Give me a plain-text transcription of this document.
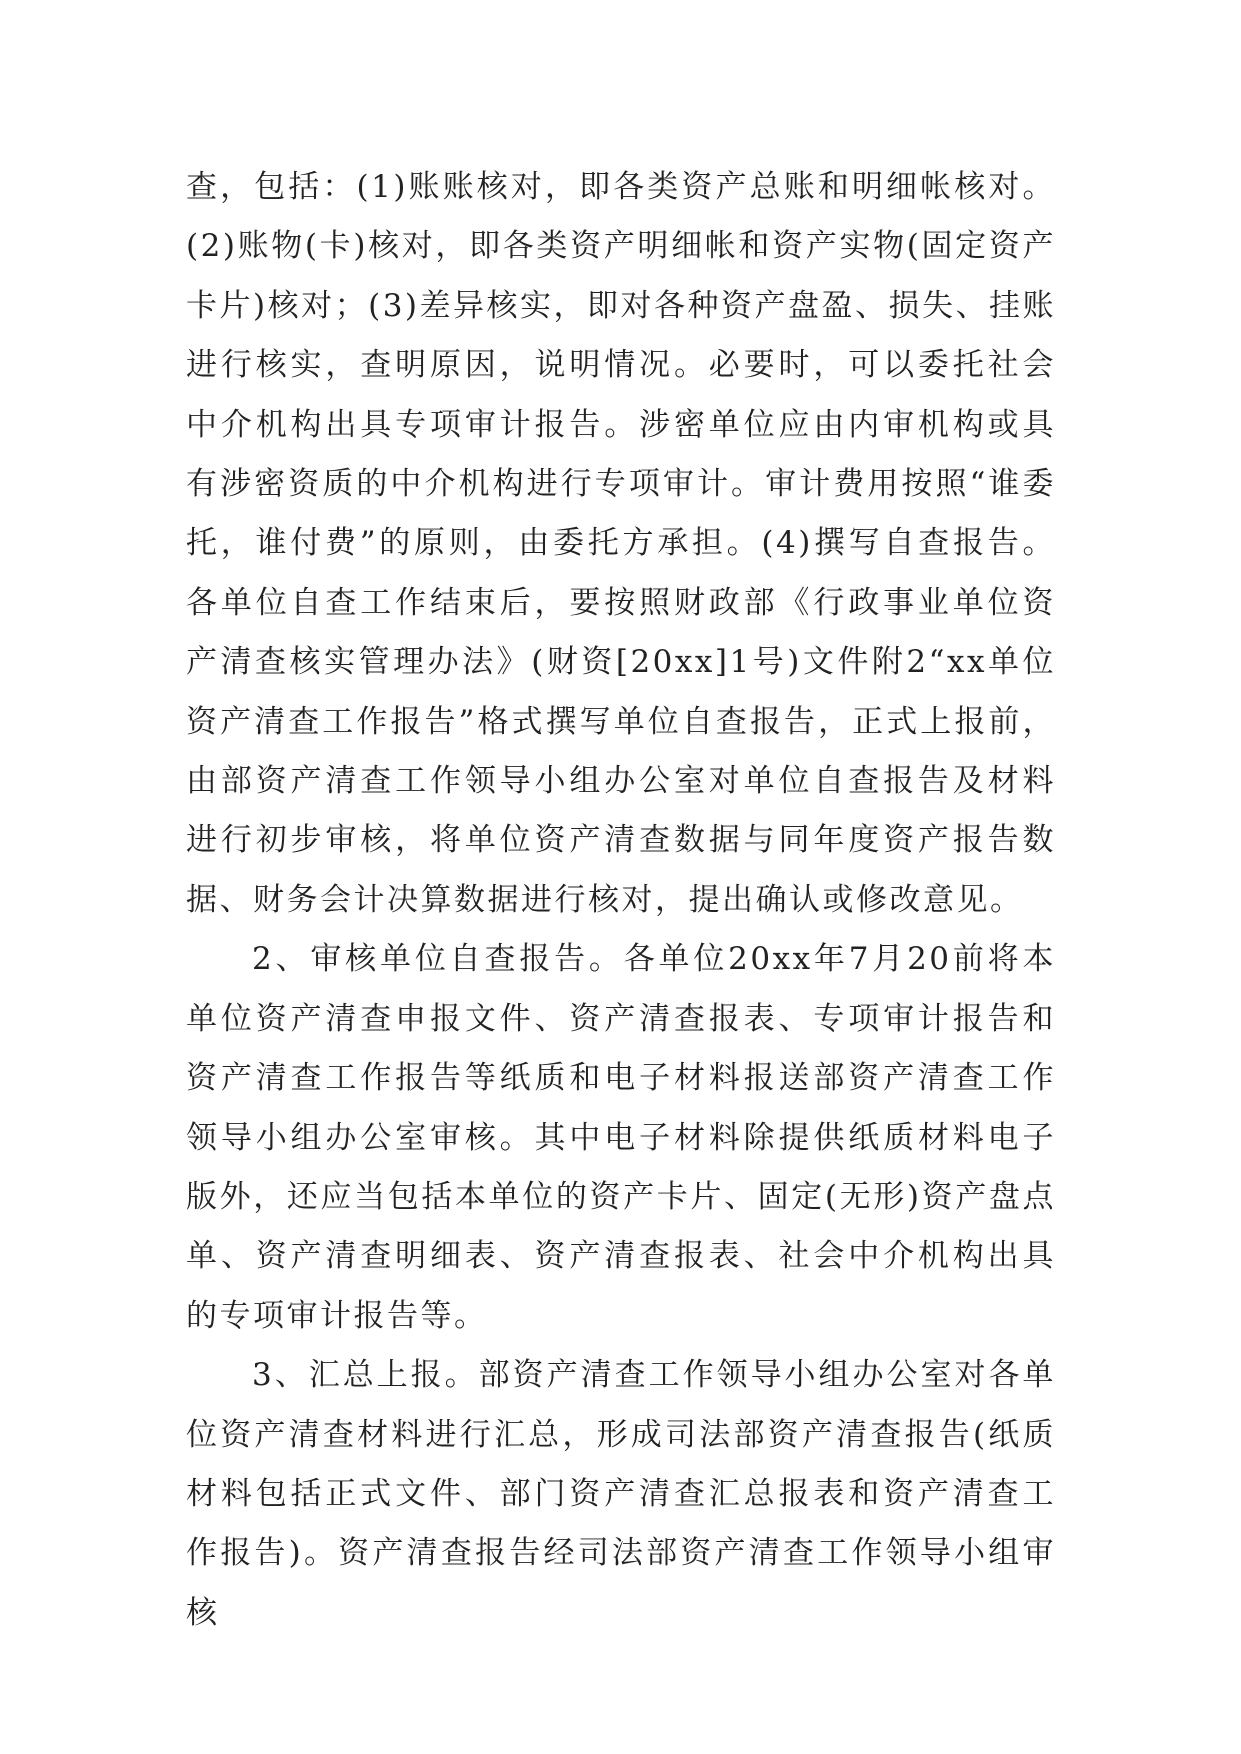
查，包括：(1)账账核对，即各类资产总账和明细帐核对。(2)账物(卡)核对，即各类资产明细帐和资产实物(固定资产卡片)核对；(3)差异核实，即对各种资产盘盈、损失、挂账进行核实，查明原因，说明情况。必要时，可以委托社会中介机构出具专项审计报告。涉密单位应由内审机构或具有涉密资质的中介机构进行专项审计。审计费用按照“谁委托，谁付费”的原则，由委托方承担。(4)撰写自查报告。各单位自查工作结束后，要按照财政部《行政事业单位资产清查核实管理办法》(财资[20xx]1号)文件附2“xx单位资产清查工作报告”格式撰写单位自查报告，正式上报前，由部资产清查工作领导小组办公室对单位自查报告及材料进行初步审核，将单位资产清查数据与同年度资产报告数据、财务会计决算数据进行核对，提出确认或修改意见。

2、审核单位自查报告。各单位20xx年7月20前将本单位资产清查申报文件、资产清查报表、专项审计报告和资产清查工作报告等纸质和电子材料报送部资产清查工作领导小组办公室审核。其中电子材料除提供纸质材料电子版外，还应当包括本单位的资产卡片、固定(无形)资产盘点单、资产清查明细表、资产清查报表、社会中介机构出具的专项审计报告等。

3、汇总上报。部资产清查工作领导小组办公室对各单位资产清查材料进行汇总，形成司法部资产清查报告(纸质材料包括正式文件、部门资产清查汇总报表和资产清查工作报告)。资产清查报告经司法部资产清查工作领导小组审核
